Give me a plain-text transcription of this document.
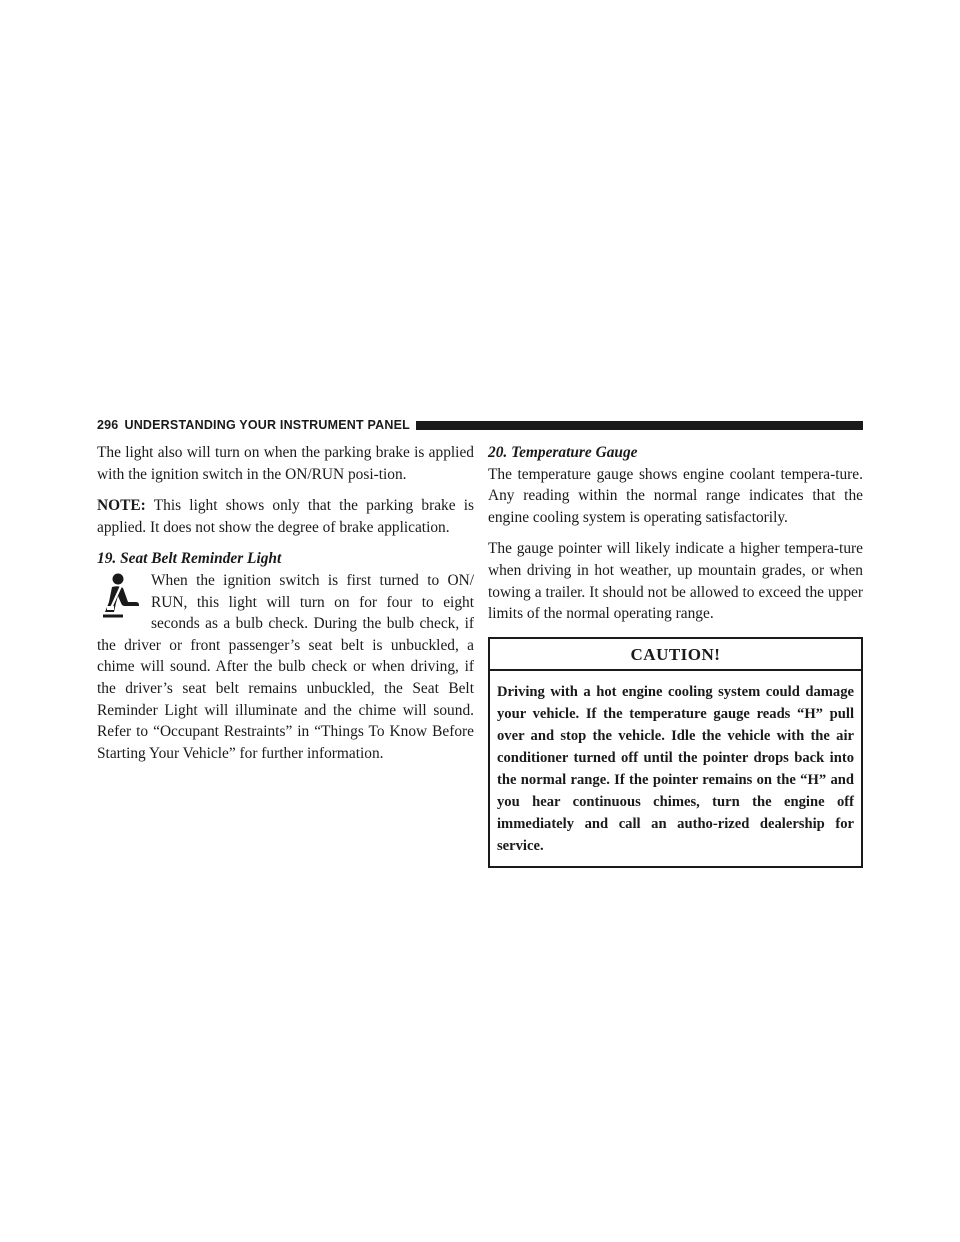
296 UNDERSTANDING YOUR INSTRUMENT PANEL

The light also will turn on when the parking brake is applied with the ignition switch in the ON/RUN posi-tion.

NOTE: This light shows only that the parking brake is applied. It does not show the degree of brake application.

19. Seat Belt Reminder Light
When the ignition switch is first turned to ON/ RUN, this light will turn on for four to eight seconds as a bulb check. During the bulb check, if the driver or front passenger’s seat belt is unbuckled, a chime will sound. After the bulb check or when driving, if the driver’s seat belt remains unbuckled, the Seat Belt Reminder Light will illuminate and the chime will sound. Refer to “Occupant Restraints” in “Things To Know Before Starting Your Vehicle” for further information.
20. Temperature Gauge

The temperature gauge shows engine coolant tempera-ture. Any reading within the normal range indicates that the engine cooling system is operating satisfactorily.

The gauge pointer will likely indicate a higher tempera-ture when driving in hot weather, up mountain grades, or when towing a trailer. It should not be allowed to exceed the upper limits of the normal operating range.

CAUTION!
Driving with a hot engine cooling system could damage your vehicle. If the temperature gauge reads “H” pull over and stop the vehicle. Idle the vehicle with the air conditioner turned off until the pointer drops back into the normal range. If the pointer remains on the “H” and you hear continuous chimes, turn the engine off immediately and call an autho-rized dealership for service.
